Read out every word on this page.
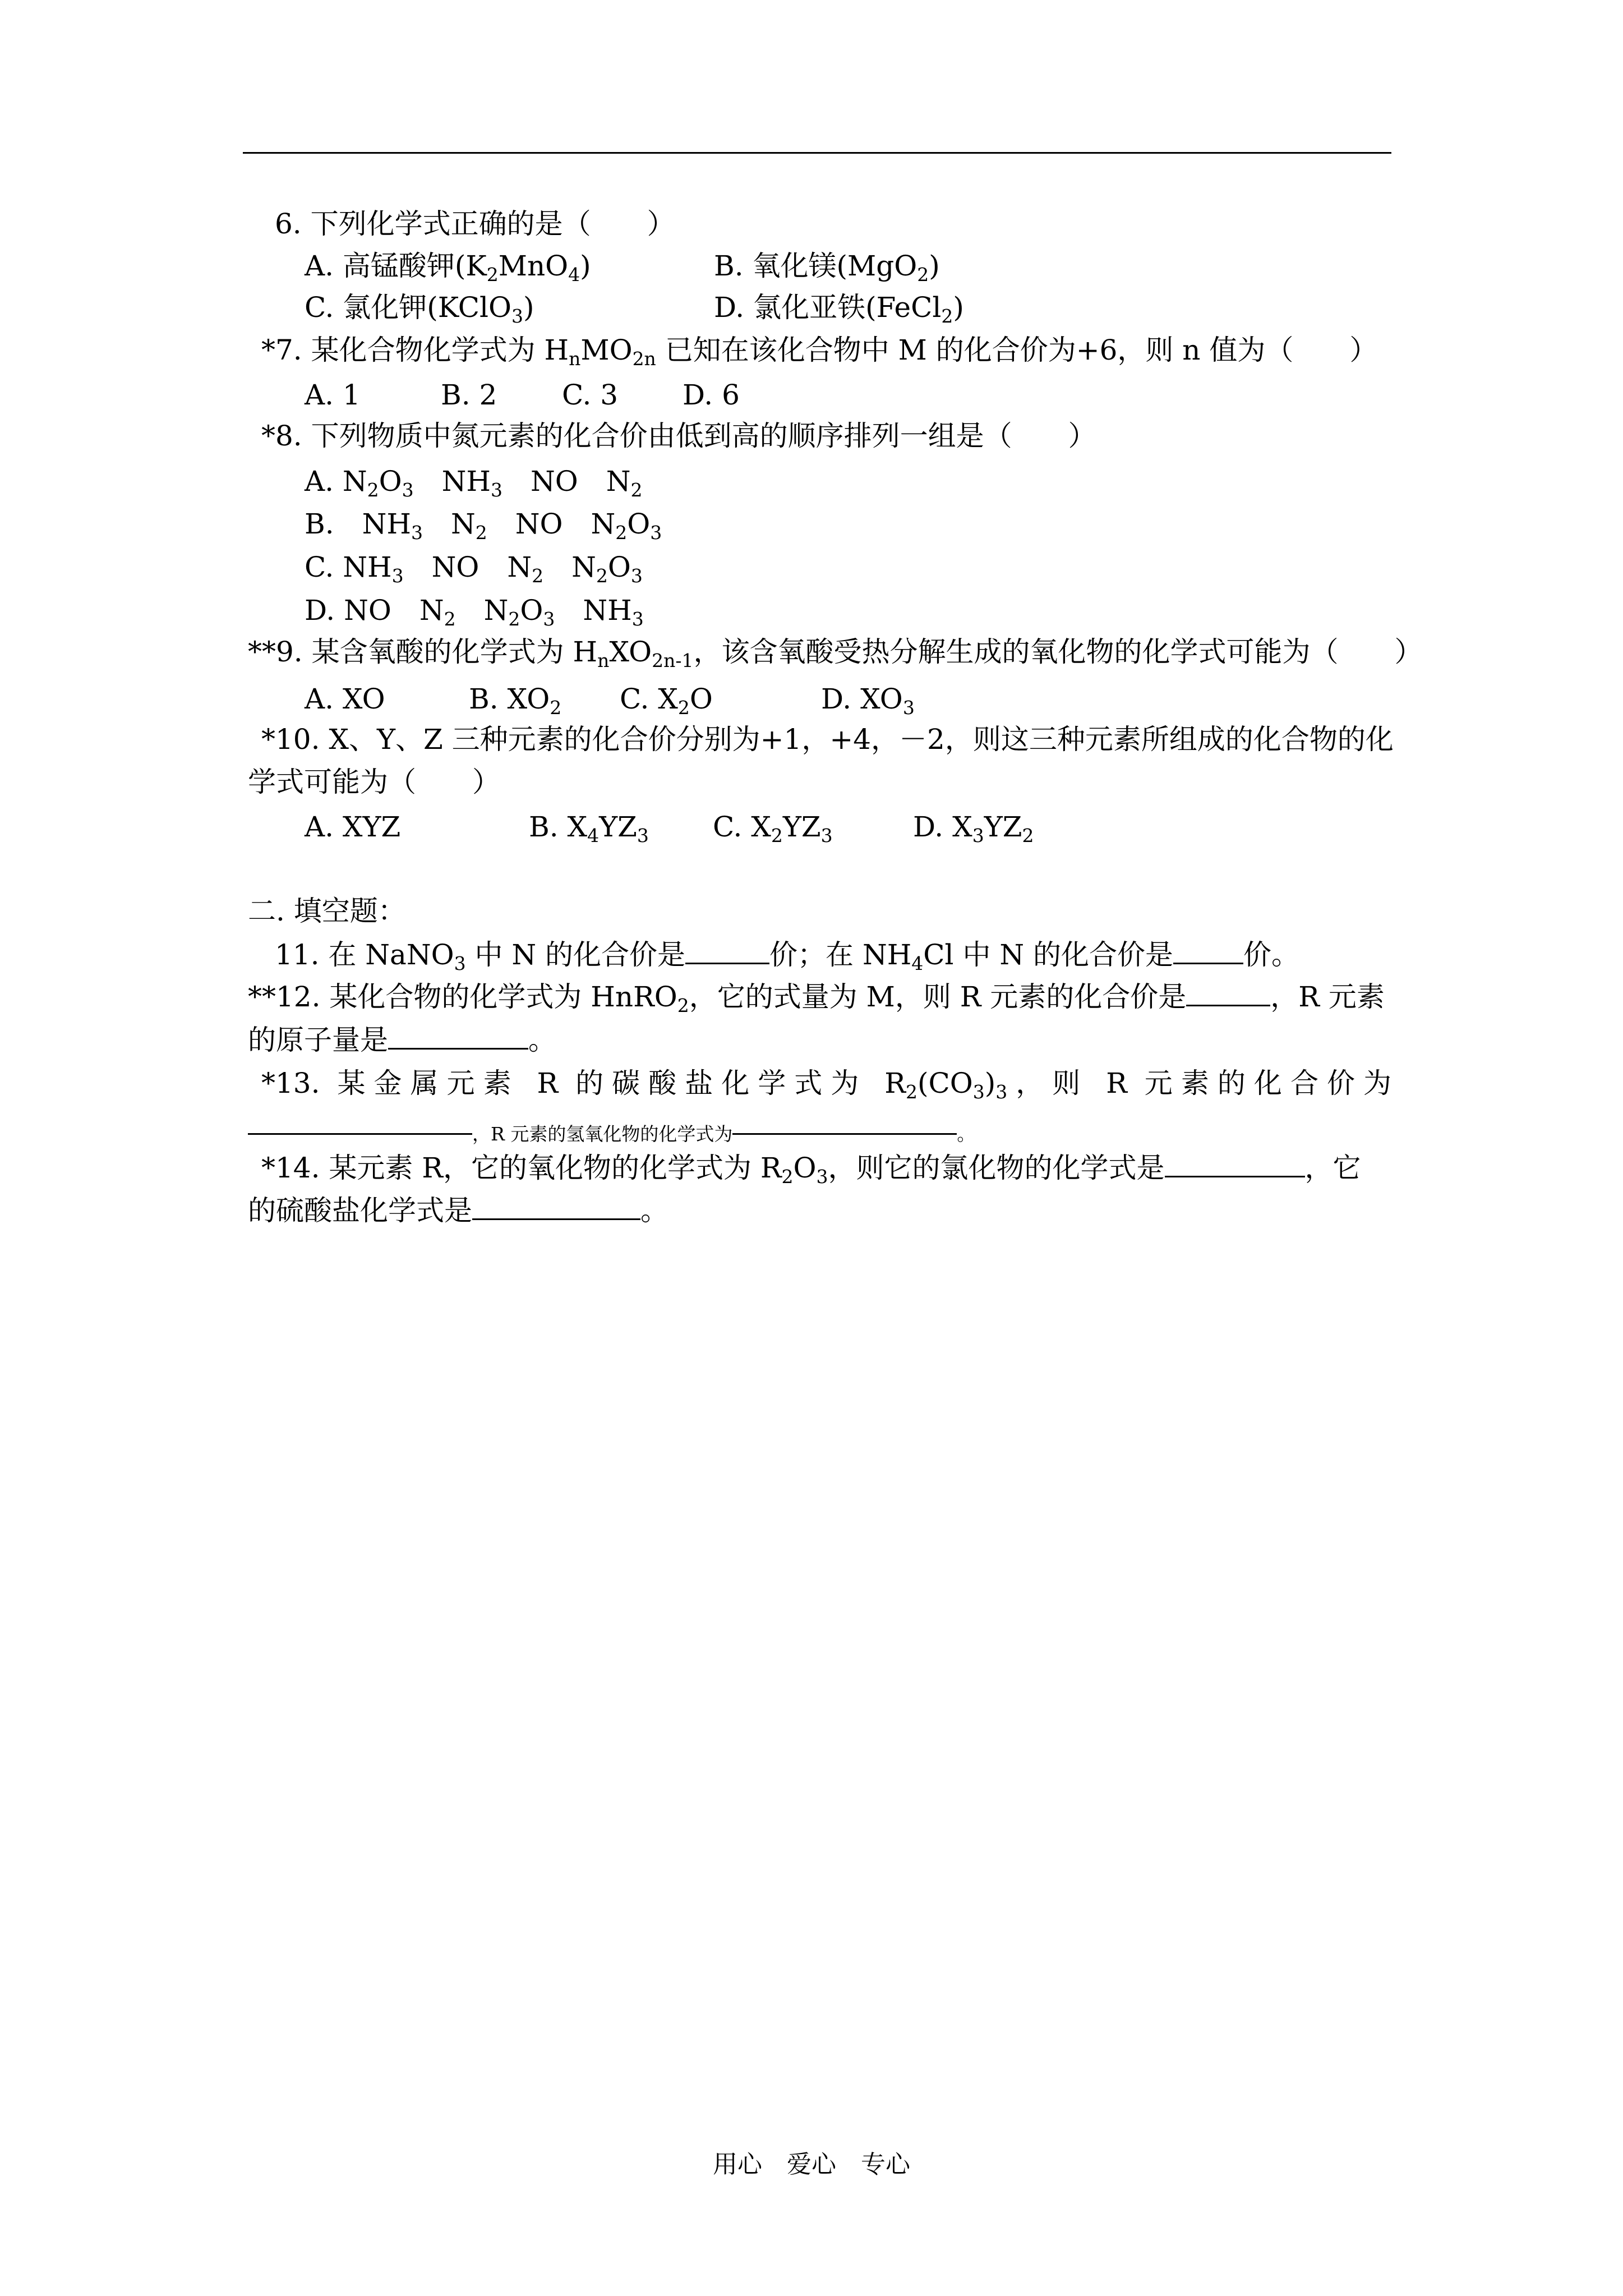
6. 下列化学式正确的是（　　）
A. 高锰酸钾$(K_2MnO_4)$	B. 氧化镁(MgO$_2$)
C. 氯化钾(KClO$_3$)	D. 氯化亚铁(FeCl$_2$)
*7. 某化合物化学式为 $H_nMO_{2n}$ 已知在该化合物中 M 的化合价为+6，则 n 值为（　　）
A. 1	B. 2 C. 3 D. 6
*8. 下列物质中氮元素的化合价由低到高的顺序排列一组是（　　）
A. $N_2O_3$　$NH_3$　NO　$N_2$
B.　$NH_3$　$N_2$　NO　$N_2O_3$
C. $NH_3$　NO　$N_2$　$N_2O_3$
D. NO　$N_2$　$N_2O_3$　$NH_3$
**9. 某含氧酸的化学式为 $H_nXO_{2n-1}$，该含氧酸受热分解生成的氧化物的化学式可能为（　　）
A. XO	B. $XO_2$ C. $X_2O$	D. $XO_3$
*10. X、Y、Z 三种元素的化合价分别为+1，+4，－2，则这三种元素所组成的化合物的化
学式可能为（　　）
A. XYZ	B. $X_4YZ_3$ C. $X_2YZ_3$	D. $X_3YZ_2$
二. 填空题：
11. 在 NaNO$_3$ 中 N 的化合价是	价；在 $NH_4Cl$ 中 N 的化合价是	价。
**12. 某化合物的化学式为 HnRO$_2$，它的式量为 M，则 R 元素的化合价是	，R 元素
的原子量是	。
*13. 某金属元素 R 的碳酸盐化学式为 $R_2(CO_3)_3$，则 R 元素的化合价为
$_{,R 元素的氢氧化物的化学式为}$	$_。$
*14. 某元素 R，它的氧化物的化学式为 $R_2O_3$，则它的氯化物的化学式是	，它
的硫酸盐化学式是	。
用心　爱心　专心
